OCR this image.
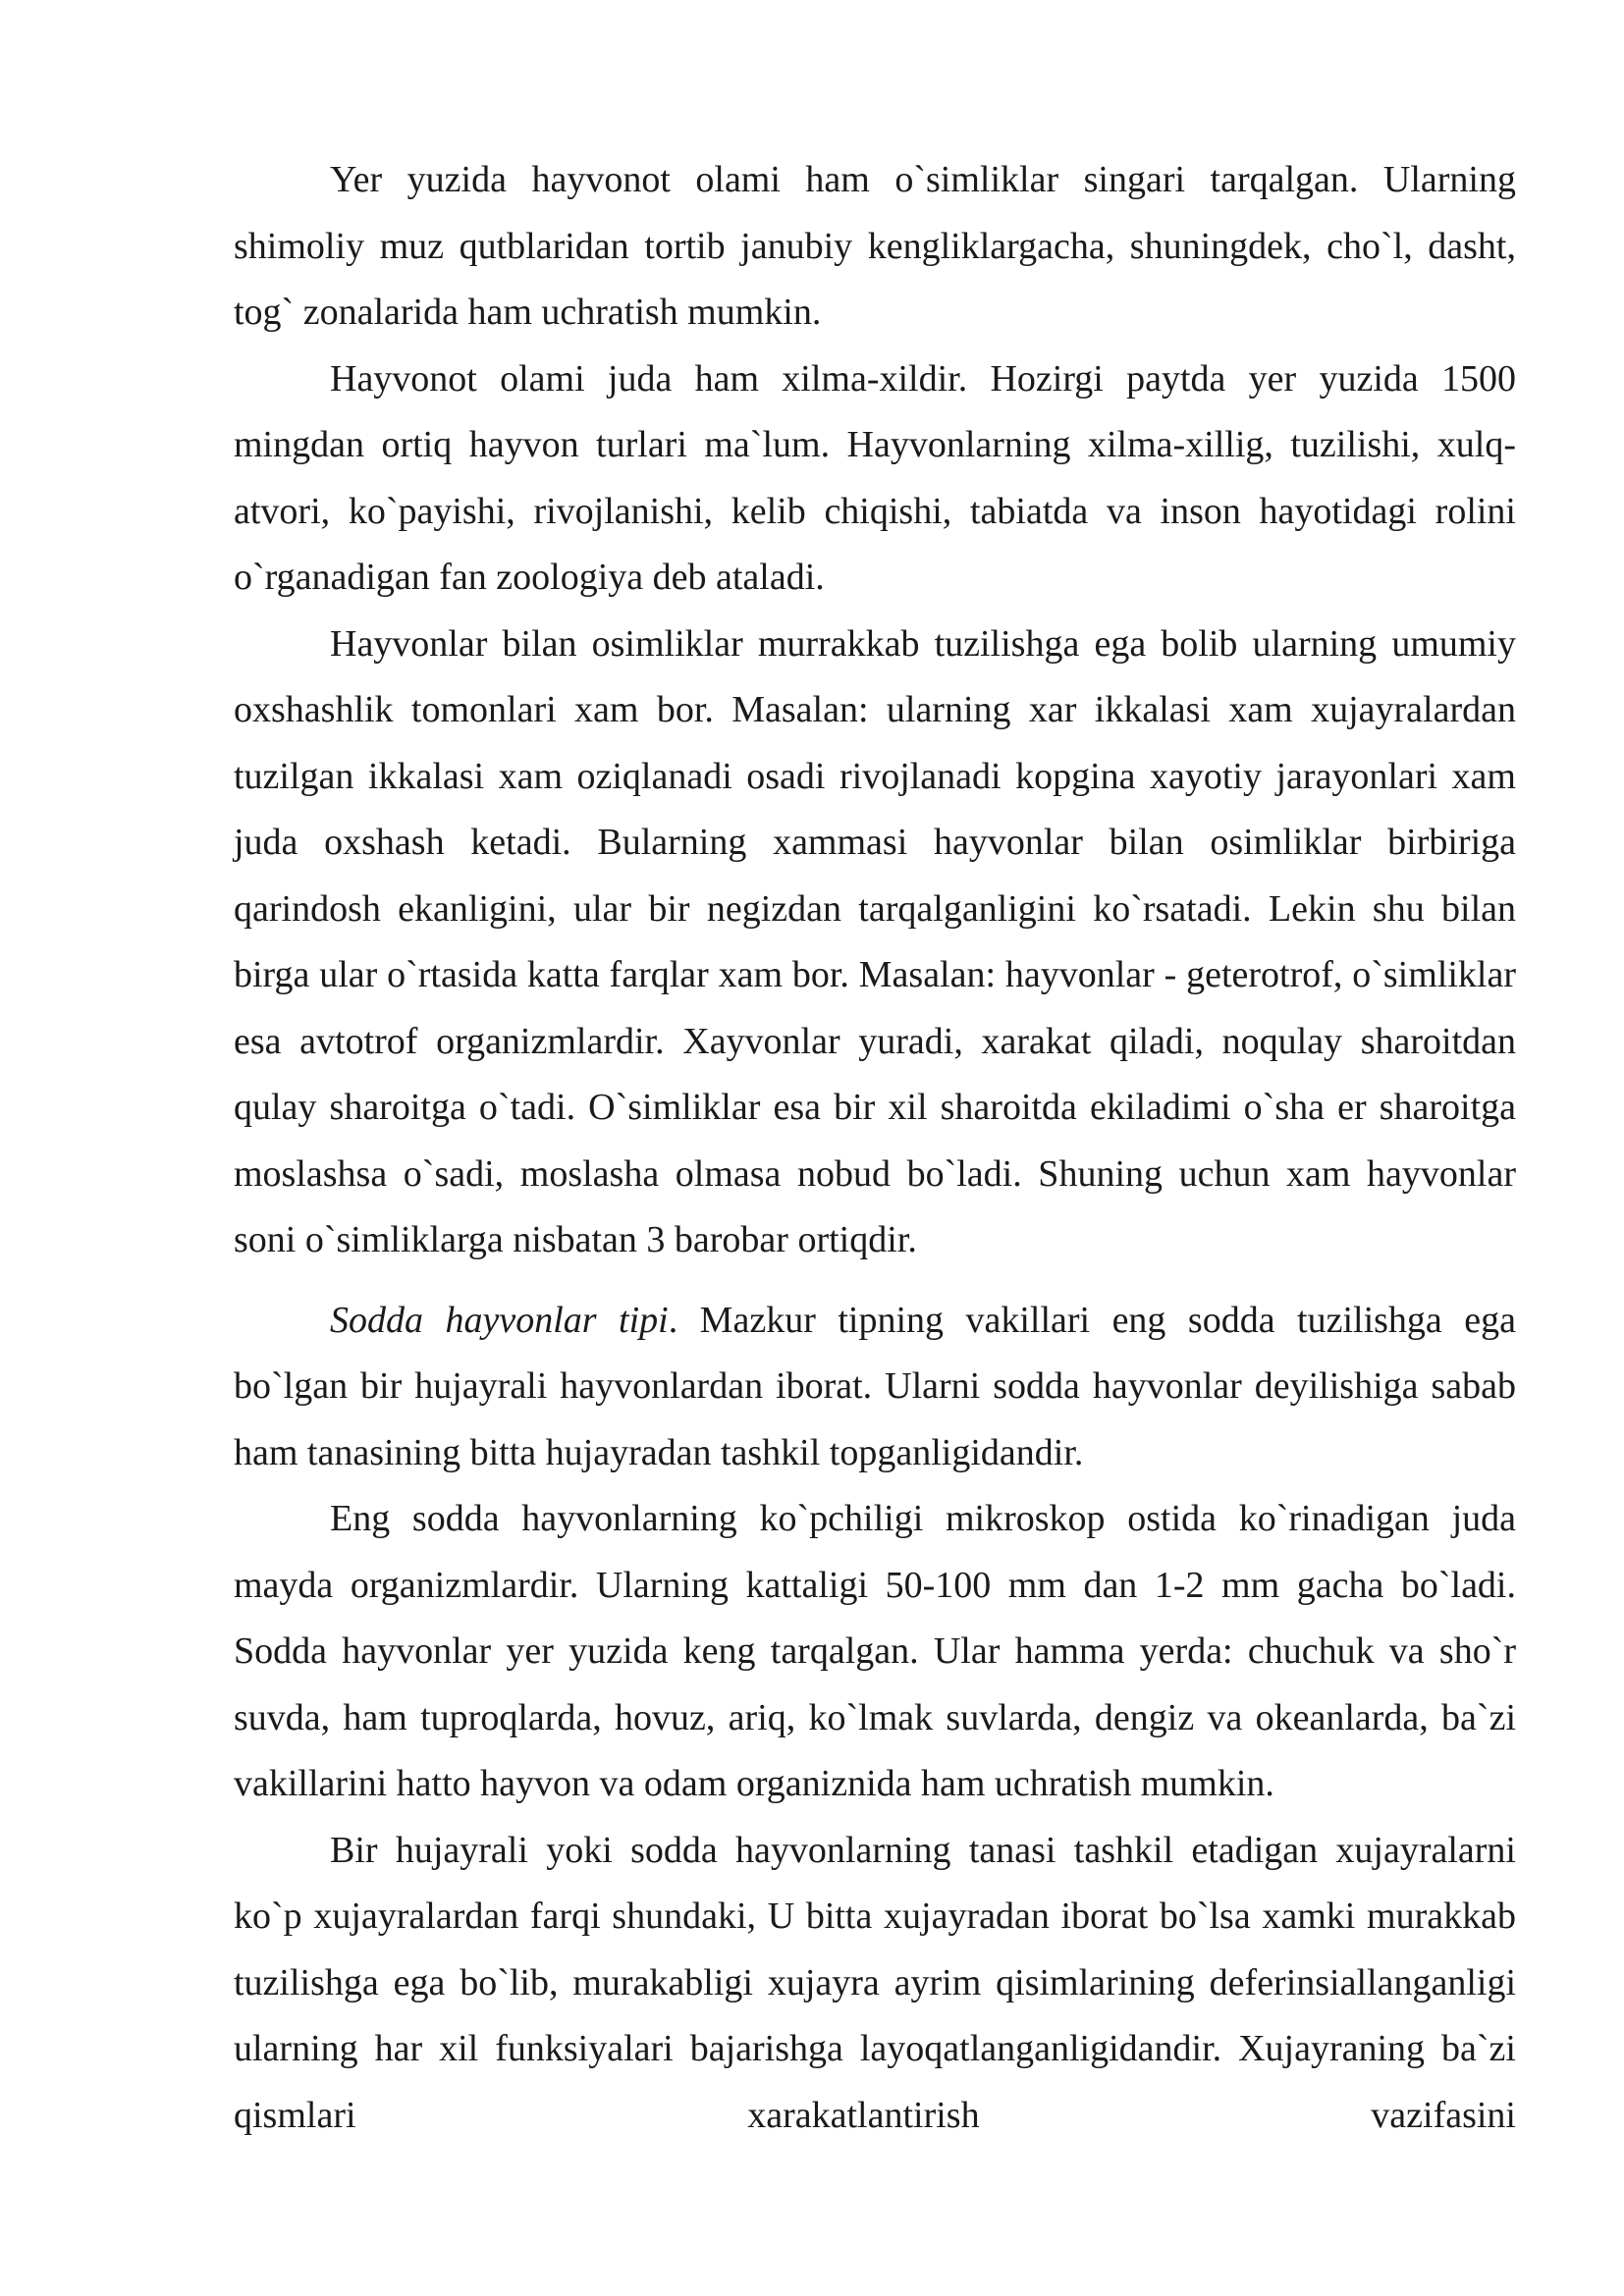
Yer yuzida hayvonot olami ham o`simliklar singari tarqalgan. Ularning shimoliy muz qutblaridan tortib janubiy kengliklargacha, shuningdek, cho`l, dasht, tog` zonalarida ham uchratish mumkin.

Hayvonot olami juda ham xilma-xildir. Hozirgi paytda yer yuzida 1500 mingdan ortiq hayvon turlari ma`lum. Hayvonlarning xilma-xillig, tuzilishi, xulq-atvori, ko`payishi, rivojlanishi, kelib chiqishi, tabiatda va inson hayotidagi rolini o`rganadigan fan zoologiya deb ataladi.

Hayvonlar bilan osimliklar murrakkab tuzilishga ega bolib ularning umumiy oxshashlik tomonlari xam bor. Masalan: ularning xar ikkalasi xam xujayralardan tuzilgan ikkalasi xam oziqlanadi osadi rivojlanadi kopgina xayotiy jarayonlari xam juda oxshash ketadi. Bularning xammasi hayvonlar bilan osimliklar birbiriga qarindosh ekanligini, ular bir negizdan tarqalganligini ko`rsatadi. Lekin shu bilan birga ular o`rtasida katta farqlar xam bor. Masalan: hayvonlar - geterotrof, o`simliklar esa avtotrof organizmlardir. Xayvonlar yuradi, xarakat qiladi, noqulay sharoitdan qulay sharoitga o`tadi. O`simliklar esa bir xil sharoitda ekiladimi o`sha er sharoitga moslashsa o`sadi, moslasha olmasa nobud bo`ladi. Shuning uchun xam hayvonlar soni o`simliklarga nisbatan 3 barobar ortiqdir.

Sodda hayvonlar tipi. Mazkur tipning vakillari eng sodda tuzilishga ega bo`lgan bir hujayrali hayvonlardan iborat. Ularni sodda hayvonlar deyilishiga sabab ham tanasining bitta hujayradan tashkil topganligidandir.

Eng sodda hayvonlarning ko`pchiligi mikroskop ostida ko`rinadigan juda mayda organizmlardir. Ularning kattaligi 50-100 mm dan 1-2 mm gacha bo`ladi. Sodda hayvonlar yer yuzida keng tarqalgan. Ular hamma yerda: chuchuk va sho`r suvda, ham tuproqlarda, hovuz, ariq, ko`lmak suvlarda, dengiz va okeanlarda, ba`zi vakillarini hatto hayvon va odam organiznida ham uchratish mumkin.

Bir hujayrali yoki sodda hayvonlarning tanasi tashkil etadigan xujayralarni ko`p xujayralardan farqi shundaki, U bitta xujayradan iborat bo`lsa xamki murakkab tuzilishga ega bo`lib, murakabligi xujayra ayrim qisimlarining deferinsiallanganligi ularning har xil funksiyalari bajarishga layoqatlanganligidandir. Xujayraning ba`zi qismlari xarakatlantirish vazifasini
